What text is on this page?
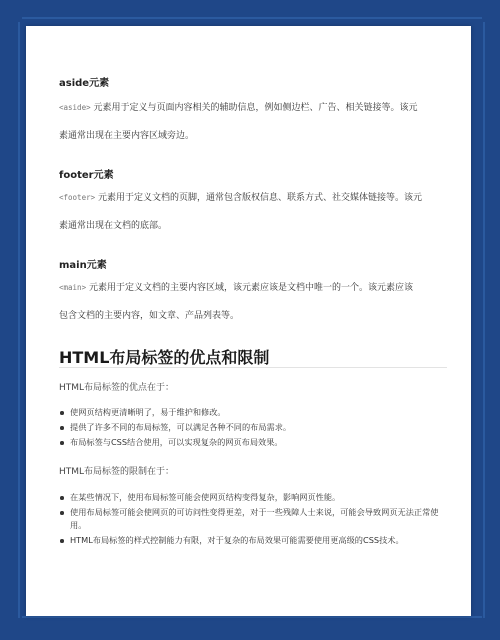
aside元素
<aside> 元素用于定义与页面内容相关的辅助信息，例如侧边栏、广告、相关链接等。该元
素通常出现在主要内容区域旁边。
footer元素
<footer> 元素用于定义文档的页脚，通常包含版权信息、联系方式、社交媒体链接等。该元
素通常出现在文档的底部。
main元素
<main> 元素用于定义文档的主要内容区域，该元素应该是文档中唯一的一个。该元素应该
包含文档的主要内容，如文章、产品列表等。
HTML布局标签的优点和限制
HTML布局标签的优点在于：
使网页结构更清晰明了，易于维护和修改。
提供了许多不同的布局标签，可以满足各种不同的布局需求。
布局标签与CSS结合使用，可以实现复杂的网页布局效果。
HTML布局标签的限制在于：
在某些情况下，使用布局标签可能会使网页结构变得复杂，影响网页性能。
使用布局标签可能会使网页的可访问性变得更差，对于一些残障人士来说，可能会导致网页无法正常使用。
HTML布局标签的样式控制能力有限，对于复杂的布局效果可能需要使用更高级的CSS技术。
